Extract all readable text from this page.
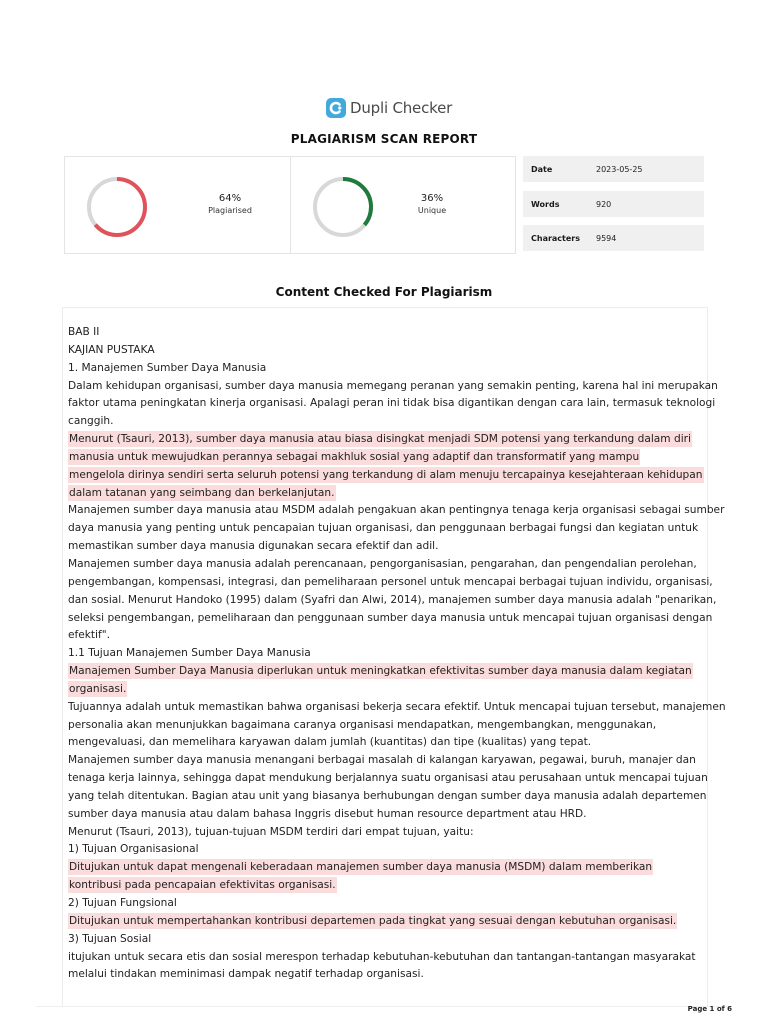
Dupli Checker
PLAGIARISM SCAN REPORT
64%
Plagiarised
36%
Unique
Date	2023-05-25
Words	920
Characters	9594
Content Checked For Plagiarism
BAB II
KAJIAN PUSTAKA
1. Manajemen Sumber Daya Manusia
Dalam kehidupan organisasi, sumber daya manusia memegang peranan yang semakin penting, karena hal ini merupakan
faktor utama peningkatan kinerja organisasi. Apalagi peran ini tidak bisa digantikan dengan cara lain, termasuk teknologi
canggih.
Menurut (Tsauri, 2013), sumber daya manusia atau biasa disingkat menjadi SDM potensi yang terkandung dalam diri
manusia untuk mewujudkan perannya sebagai makhluk sosial yang adaptif dan transformatif yang mampu
mengelola dirinya sendiri serta seluruh potensi yang terkandung di alam menuju tercapainya kesejahteraan kehidupan
dalam tatanan yang seimbang dan berkelanjutan.
Manajemen sumber daya manusia atau MSDM adalah pengakuan akan pentingnya tenaga kerja organisasi sebagai sumber
daya manusia yang penting untuk pencapaian tujuan organisasi, dan penggunaan berbagai fungsi dan kegiatan untuk
memastikan sumber daya manusia digunakan secara efektif dan adil.
Manajemen sumber daya manusia adalah perencanaan, pengorganisasian, pengarahan, dan pengendalian perolehan,
pengembangan, kompensasi, integrasi, dan pemeliharaan personel untuk mencapai berbagai tujuan individu, organisasi,
dan sosial. Menurut Handoko (1995) dalam (Syafri dan Alwi, 2014), manajemen sumber daya manusia adalah "penarikan,
seleksi pengembangan, pemeliharaan dan penggunaan sumber daya manusia untuk mencapai tujuan organisasi dengan
efektif".
1.1 Tujuan Manajemen Sumber Daya Manusia
Manajemen Sumber Daya Manusia diperlukan untuk meningkatkan efektivitas sumber daya manusia dalam kegiatan
organisasi.
Tujuannya adalah untuk memastikan bahwa organisasi bekerja secara efektif. Untuk mencapai tujuan tersebut, manajemen
personalia akan menunjukkan bagaimana caranya organisasi mendapatkan, mengembangkan, menggunakan,
mengevaluasi, dan memelihara karyawan dalam jumlah (kuantitas) dan tipe (kualitas) yang tepat.
Manajemen sumber daya manusia menangani berbagai masalah di kalangan karyawan, pegawai, buruh, manajer dan
tenaga kerja lainnya, sehingga dapat mendukung berjalannya suatu organisasi atau perusahaan untuk mencapai tujuan
yang telah ditentukan. Bagian atau unit yang biasanya berhubungan dengan sumber daya manusia adalah departemen
sumber daya manusia atau dalam bahasa Inggris disebut human resource department atau HRD.
Menurut (Tsauri, 2013), tujuan-tujuan MSDM terdiri dari empat tujuan, yaitu:
1) Tujuan Organisasional
Ditujukan untuk dapat mengenali keberadaan manajemen sumber daya manusia (MSDM) dalam memberikan
kontribusi pada pencapaian efektivitas organisasi.
2) Tujuan Fungsional
Ditujukan untuk mempertahankan kontribusi departemen pada tingkat yang sesuai dengan kebutuhan organisasi.
3) Tujuan Sosial
itujukan untuk secara etis dan sosial merespon terhadap kebutuhan-kebutuhan dan tantangan-tantangan masyarakat
melalui tindakan meminimasi dampak negatif terhadap organisasi.
Page 1 of 6
